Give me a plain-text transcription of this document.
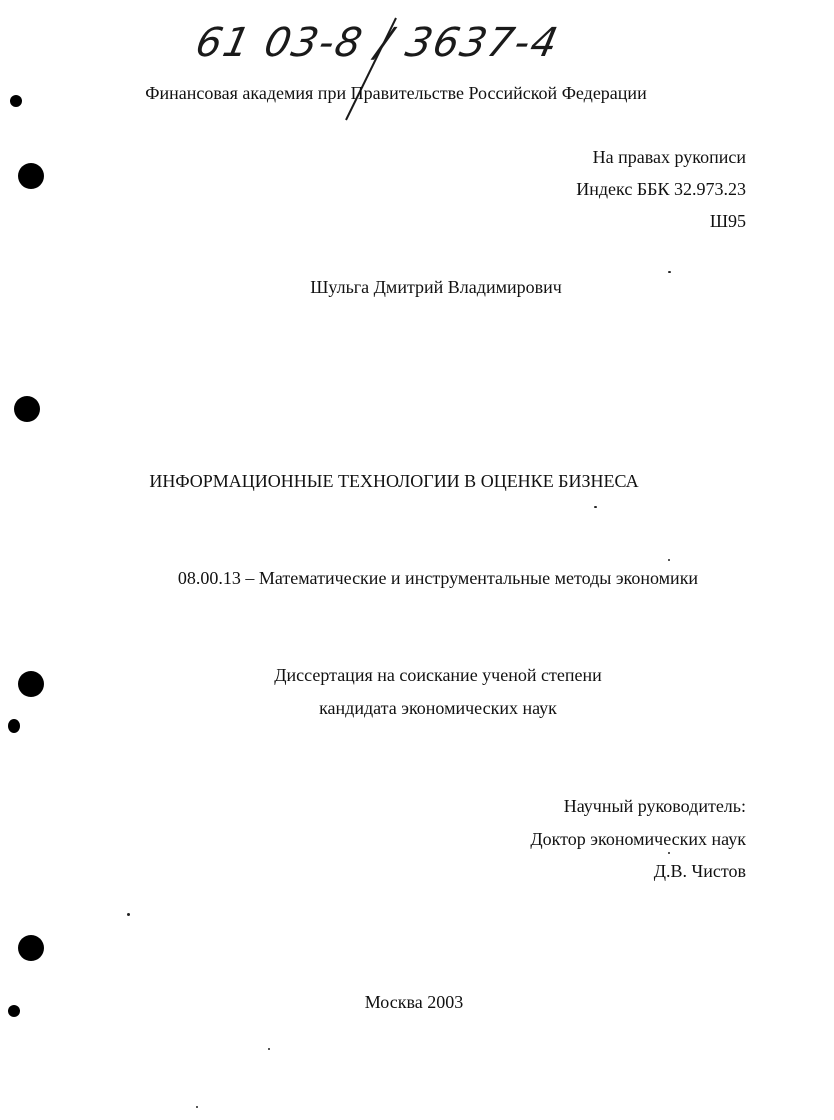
61 03-8 / 3637-4
Финансовая академия при Правительстве Российской Федерации
На правах рукописи
Индекс ББК 32.973.23
Ш95
Шульга Дмитрий Владимирович
ИНФОРМАЦИОННЫЕ ТЕХНОЛОГИИ В ОЦЕНКЕ БИЗНЕСА
08.00.13 – Математические и инструментальные методы экономики
Диссертация на соискание ученой степени
кандидата экономических наук
Научный руководитель:
Доктор экономических наук
Д.В. Чистов
Москва 2003
